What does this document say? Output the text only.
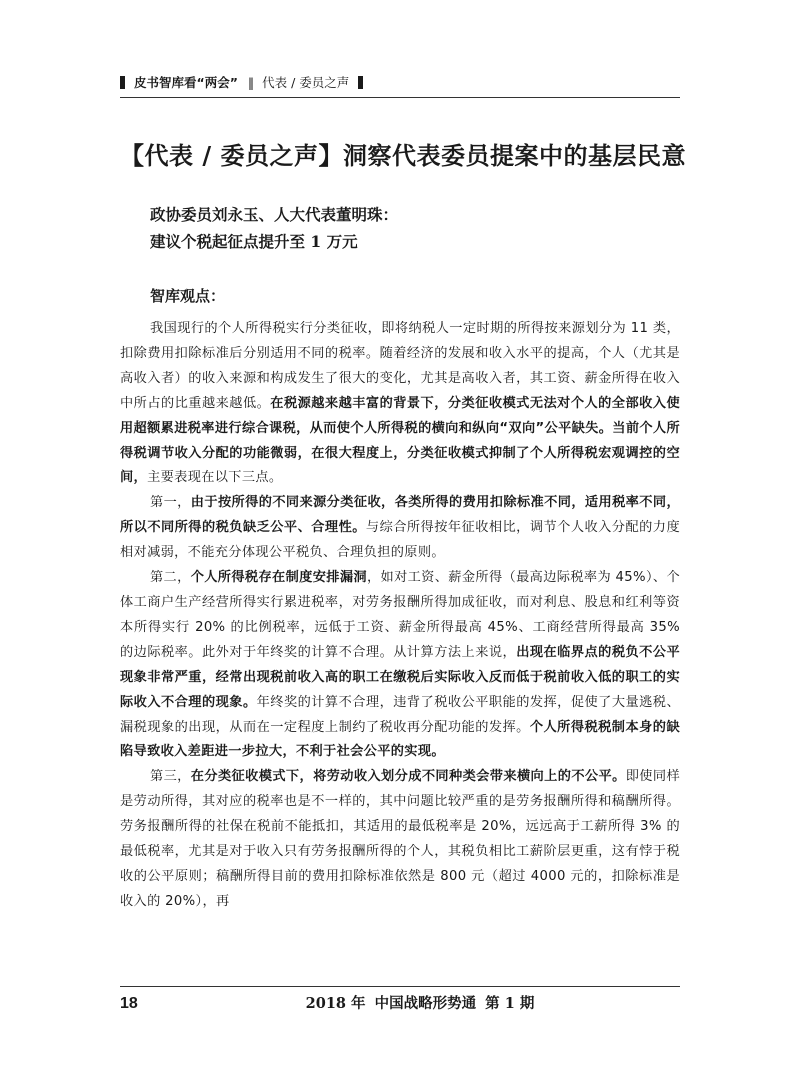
皮书智库看“两会” ‖ 代表 / 委员之声
【代表 / 委员之声】洞察代表委员提案中的基层民意
政协委员刘永玉、人大代表董明珠：
建议个税起征点提升至 1 万元
智库观点：

我国现行的个人所得税实行分类征收，即将纳税人一定时期的所得按来源划分为 11 类，扣除费用扣除标准后分别适用不同的税率。随着经济的发展和收入水平的提高，个人（尤其是高收入者）的收入来源和构成发生了很大的变化，尤其是高收入者，其工资、薪金所得在收入中所占的比重越来越低。在税源越来越丰富的背景下，分类征收模式无法对个人的全部收入使用超额累进税率进行综合课税，从而使个人所得税的横向和纵向“双向”公平缺失。当前个人所得税调节收入分配的功能微弱，在很大程度上，分类征收模式抑制了个人所得税宏观调控的空间，主要表现在以下三点。

第一，由于按所得的不同来源分类征收，各类所得的费用扣除标准不同，适用税率不同，所以不同所得的税负缺乏公平、合理性。与综合所得按年征收相比，调节个人收入分配的力度相对减弱，不能充分体现公平税负、合理负担的原则。

第二，个人所得税存在制度安排漏洞，如对工资、薪金所得（最高边际税率为 45%）、个体工商户生产经营所得实行累进税率，对劳务报酬所得加成征收，而对利息、股息和红利等资本所得实行 20% 的比例税率，远低于工资、薪金所得最高 45%、工商经营所得最高 35% 的边际税率。此外对于年终奖的计算不合理。从计算方法上来说，出现在临界点的税负不公平现象非常严重，经常出现税前收入高的职工在缴税后实际收入反而低于税前收入低的职工的实际收入不合理的现象。年终奖的计算不合理，违背了税收公平职能的发挥，促使了大量逃税、漏税现象的出现，从而在一定程度上制约了税收再分配功能的发挥。个人所得税税制本身的缺陷导致收入差距进一步拉大，不利于社会公平的实现。

第三，在分类征收模式下，将劳动收入划分成不同种类会带来横向上的不公平。即使同样是劳动所得，其对应的税率也是不一样的，其中问题比较严重的是劳务报酬所得和稿酬所得。劳务报酬所得的社保在税前不能抵扣，其适用的最低税率是 20%，远远高于工薪所得 3% 的最低税率，尤其是对于收入只有劳务报酬所得的个人，其税负相比工薪阶层更重，这有悖于税收的公平原则；稿酬所得目前的费用扣除标准依然是 800 元（超过 4000 元的，扣除标准是收入的 20%），再

18	2018 年 中国战略形势通 第 1 期
